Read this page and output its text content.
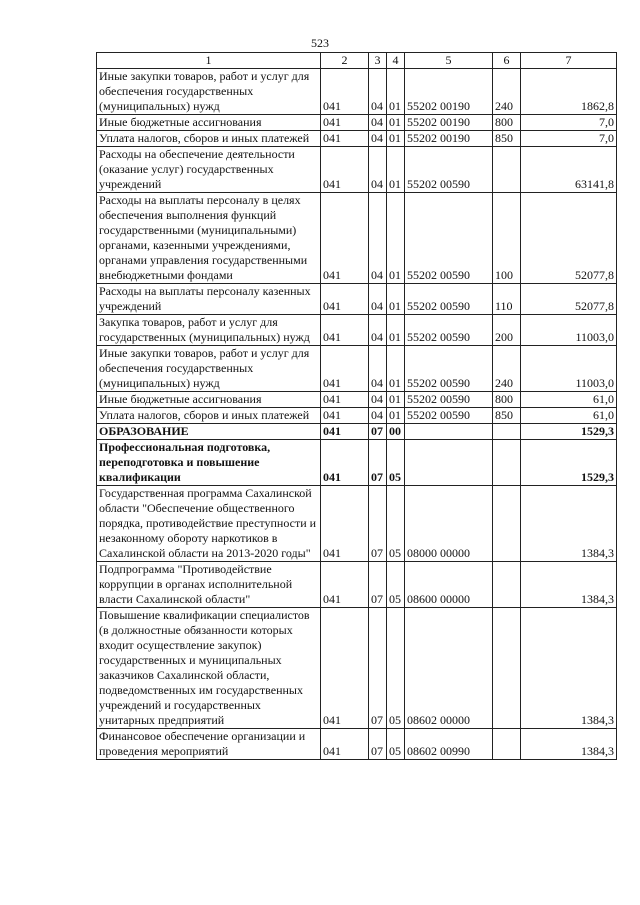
523
1	2	3	4	5	6	7
Иные закупки товаров, работ и услуг для обеспечения государственных (муниципальных) нужд	041	04	01	55202 00190	240	1862,8
Иные бюджетные ассигнования	041	04	01	55202 00190	800	7,0
Уплата налогов, сборов и иных платежей	041	04	01	55202 00190	850	7,0
Расходы на обеспечение деятельности (оказание услуг) государственных учреждений	041	04	01	55202 00590		63141,8
Расходы на выплаты персоналу в целях обеспечения выполнения функций государственными (муниципальными) органами, казенными учреждениями, органами управления государственными внебюджетными фондами	041	04	01	55202 00590	100	52077,8
Расходы на выплаты персоналу казенных учреждений	041	04	01	55202 00590	110	52077,8
Закупка товаров, работ и услуг для государственных (муниципальных) нужд	041	04	01	55202 00590	200	11003,0
Иные закупки товаров, работ и услуг для обеспечения государственных (муниципальных) нужд	041	04	01	55202 00590	240	11003,0
Иные бюджетные ассигнования	041	04	01	55202 00590	800	61,0
Уплата налогов, сборов и иных платежей	041	04	01	55202 00590	850	61,0
ОБРАЗОВАНИЕ	041	07	00			1529,3
Профессиональная подготовка, переподготовка и повышение квалификации	041	07	05			1529,3
Государственная программа Сахалинской области "Обеспечение общественного порядка, противодействие преступности и незаконному обороту наркотиков в Сахалинской области на 2013-2020 годы"	041	07	05	08000 00000		1384,3
Подпрограмма "Противодействие коррупции в органах исполнительной власти Сахалинской области"	041	07	05	08600 00000		1384,3
Повышение квалификации специалистов (в должностные обязанности которых входит осуществление закупок) государственных и муниципальных заказчиков Сахалинской области, подведомственных им государственных учреждений и государственных унитарных предприятий	041	07	05	08602 00000		1384,3
Финансовое обеспечение организации и проведения мероприятий	041	07	05	08602 00990		1384,3
